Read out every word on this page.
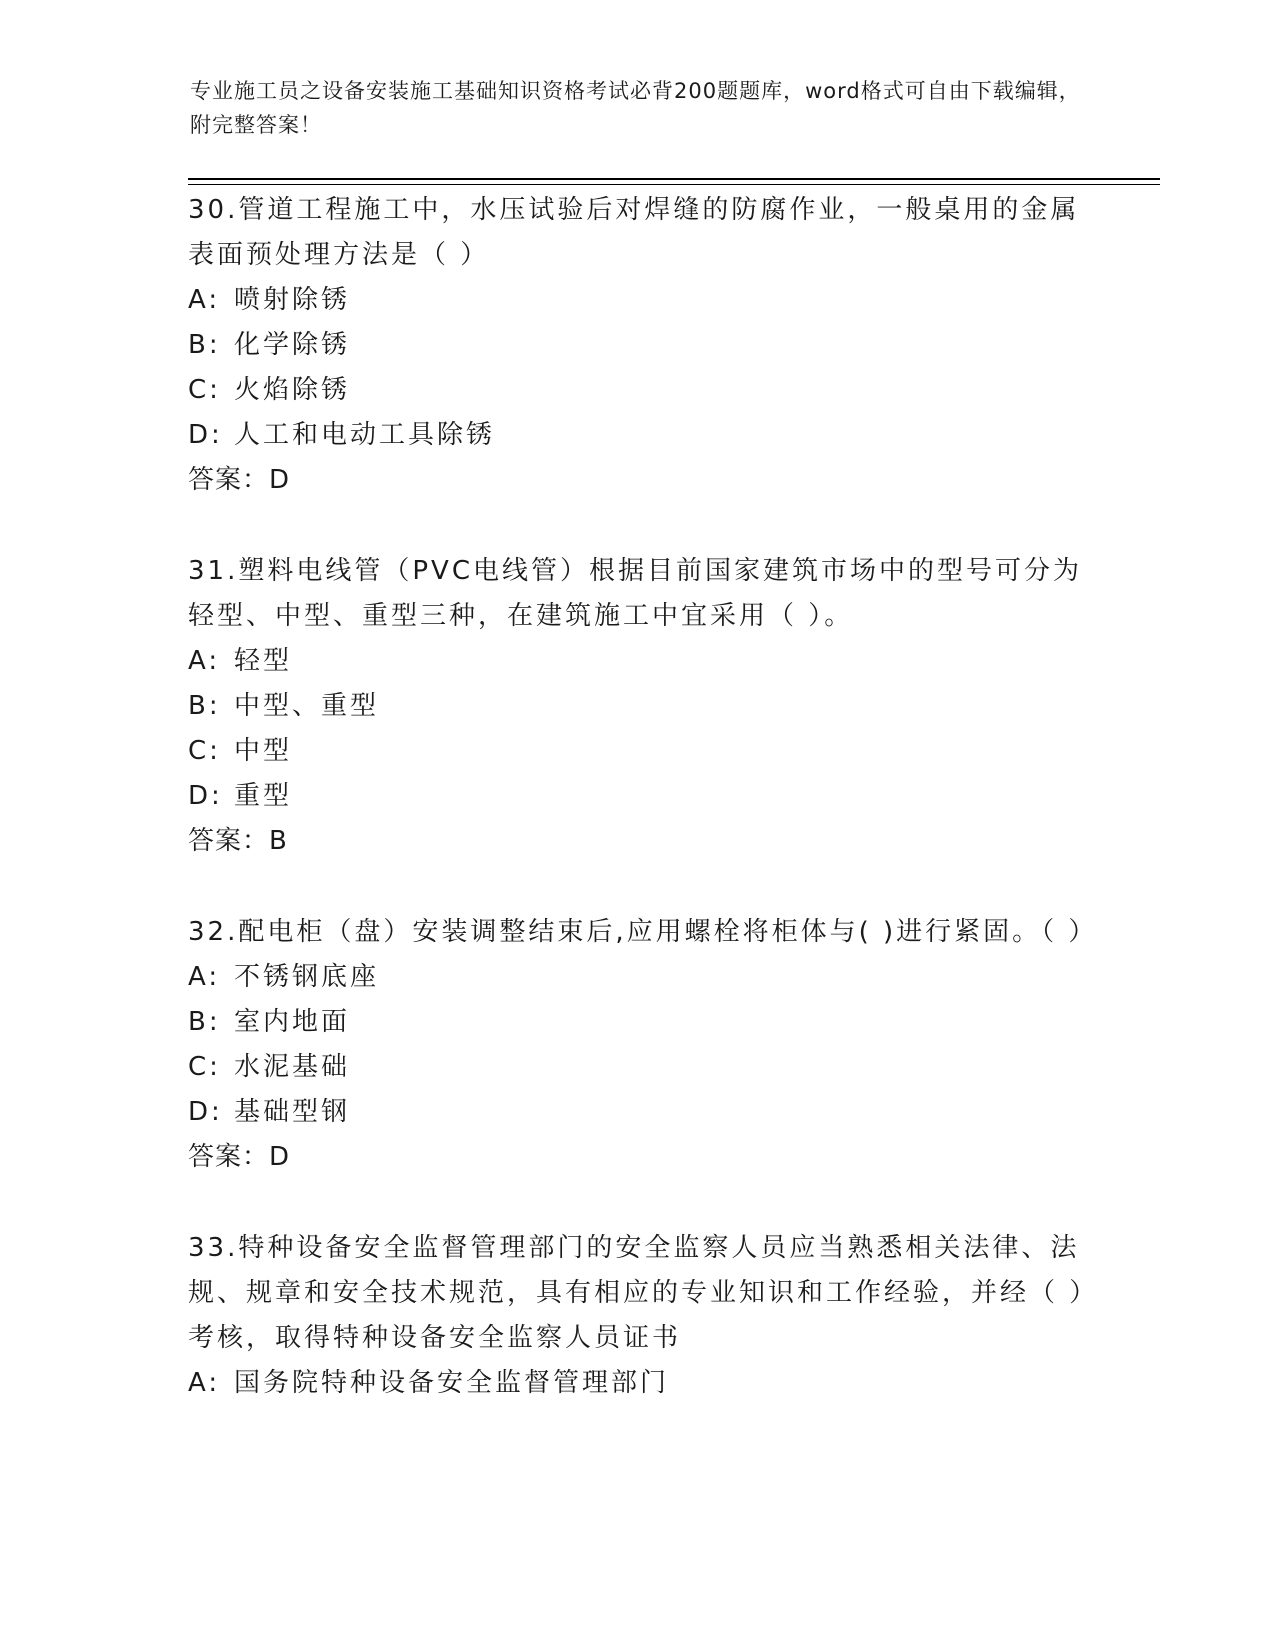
专业施工员之设备安装施工基础知识资格考试必背200题题库，word格式可自由下载编辑，附完整答案！
30.管道工程施工中，水压试验后对焊缝的防腐作业，一般桌用的金属表面预处理方法是（ ）
A: 喷射除锈
B: 化学除锈
C: 火焰除锈
D: 人工和电动工具除锈
答案：D
31.塑料电线管（PVC电线管）根据目前国家建筑市场中的型号可分为轻型、中型、重型三种，在建筑施工中宜采用（ ）。
A: 轻型
B: 中型、重型
C: 中型
D: 重型
答案：B
32.配电柜（盘）安装调整结束后,应用螺栓将柜体与( )进行紧固。（ ）
A: 不锈钢底座
B: 室内地面
C: 水泥基础
D: 基础型钢
答案：D
33.特种设备安全监督管理部门的安全监察人员应当熟悉相关法律、法规、规章和安全技术规范，具有相应的专业知识和工作经验，并经（ ）考核，取得特种设备安全监察人员证书
A: 国务院特种设备安全监督管理部门
